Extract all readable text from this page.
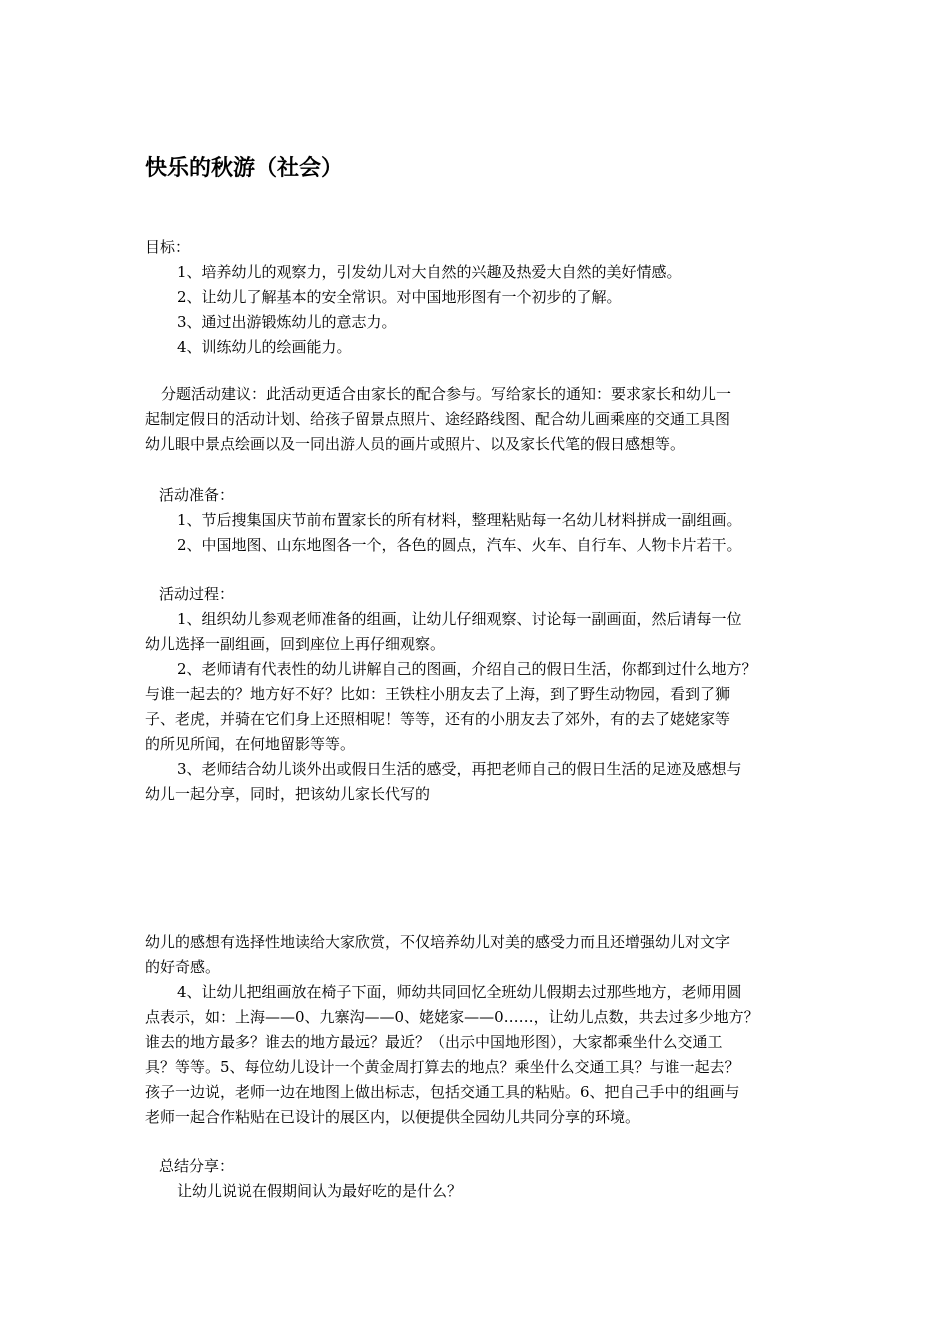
快乐的秋游（社会）
目标：
1、培养幼儿的观察力，引发幼儿对大自然的兴趣及热爱大自然的美好情感。
2、让幼儿了解基本的安全常识。对中国地形图有一个初步的了解。
3、通过出游锻炼幼儿的意志力。
4、训练幼儿的绘画能力。
分题活动建议：此活动更适合由家长的配合参与。写给家长的通知：要求家长和幼儿一
起制定假日的活动计划、给孩子留景点照片、途经路线图、配合幼儿画乘座的交通工具图
幼儿眼中景点绘画以及一同出游人员的画片或照片、以及家长代笔的假日感想等。
活动准备：
1、节后搜集国庆节前布置家长的所有材料，整理粘贴每一名幼儿材料拼成一副组画。
2、中国地图、山东地图各一个，各色的圆点，汽车、火车、自行车、人物卡片若干。
活动过程：
1、组织幼儿参观老师准备的组画，让幼儿仔细观察、讨论每一副画面，然后请每一位
幼儿选择一副组画，回到座位上再仔细观察。
2、老师请有代表性的幼儿讲解自己的图画，介绍自己的假日生活，你都到过什么地方？
与谁一起去的？地方好不好？比如：王铁柱小朋友去了上海，到了野生动物园，看到了狮
子、老虎，并骑在它们身上还照相呢！等等，还有的小朋友去了郊外，有的去了姥姥家等
的所见所闻，在何地留影等等。
3、老师结合幼儿谈外出或假日生活的感受，再把老师自己的假日生活的足迹及感想与
幼儿一起分享，同时，把该幼儿家长代写的
幼儿的感想有选择性地读给大家欣赏，不仅培养幼儿对美的感受力而且还增强幼儿对文字
的好奇感。
4、让幼儿把组画放在椅子下面，师幼共同回忆全班幼儿假期去过那些地方，老师用圆
点表示，如：上海——0、九寨沟——0、姥姥家——0……，让幼儿点数，共去过多少地方？
谁去的地方最多？谁去的地方最远？最近？（出示中国地形图），大家都乘坐什么交通工
具？等等。5、每位幼儿设计一个黄金周打算去的地点？乘坐什么交通工具？与谁一起去？
孩子一边说，老师一边在地图上做出标志，包括交通工具的粘贴。6、把自己手中的组画与
老师一起合作粘贴在已设计的展区内，以便提供全园幼儿共同分享的环境。
总结分享：
让幼儿说说在假期间认为最好吃的是什么？
